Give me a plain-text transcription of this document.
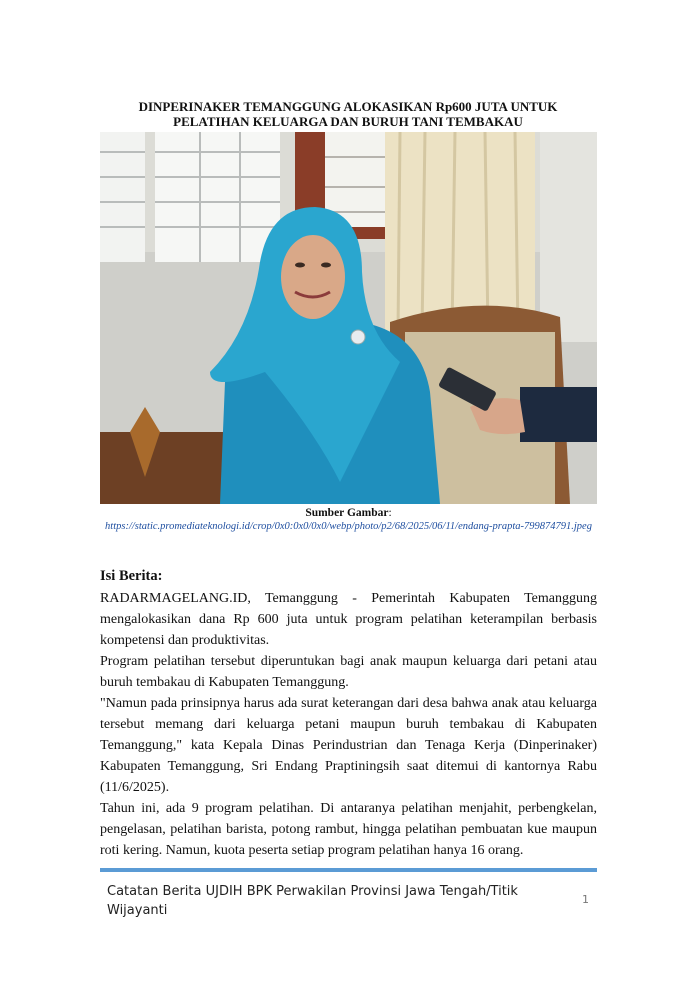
DINPERINAKER TEMANGGUNG ALOKASIKAN Rp600 JUTA UNTUK PELATIHAN KELUARGA DAN BURUH TANI TEMBAKAU
Sumber Gambar:
https://static.promediateknologi.id/crop/0x0:0x0/0x0/webp/photo/p2/68/2025/06/11/endang-prapta-799874791.jpeg
Isi Berita:

RADARMAGELANG.ID, Temanggung - Pemerintah Kabupaten Temanggung mengalokasikan dana Rp 600 juta untuk program pelatihan keterampilan berbasis kompetensi dan produktivitas.

Program pelatihan tersebut diperuntukan bagi anak maupun keluarga dari petani atau buruh tembakau di Kabupaten Temanggung.

"Namun pada prinsipnya harus ada surat keterangan dari desa bahwa anak atau keluarga tersebut memang dari keluarga petani maupun buruh tembakau di Kabupaten Temanggung," kata Kepala Dinas Perindustrian dan Tenaga Kerja (Dinperinaker) Kabupaten Temanggung, Sri Endang Praptiningsih saat ditemui di kantornya Rabu (11/6/2025).

Tahun ini, ada 9 program pelatihan. Di antaranya pelatihan menjahit, perbengkelan, pengelasan, pelatihan barista, potong rambut, hingga pelatihan pembuatan kue maupun roti kering. Namun, kuota peserta setiap program pelatihan hanya 16 orang.

Catatan Berita UJDIH BPK Perwakilan Provinsi Jawa Tengah/Titik Wijayanti
1
